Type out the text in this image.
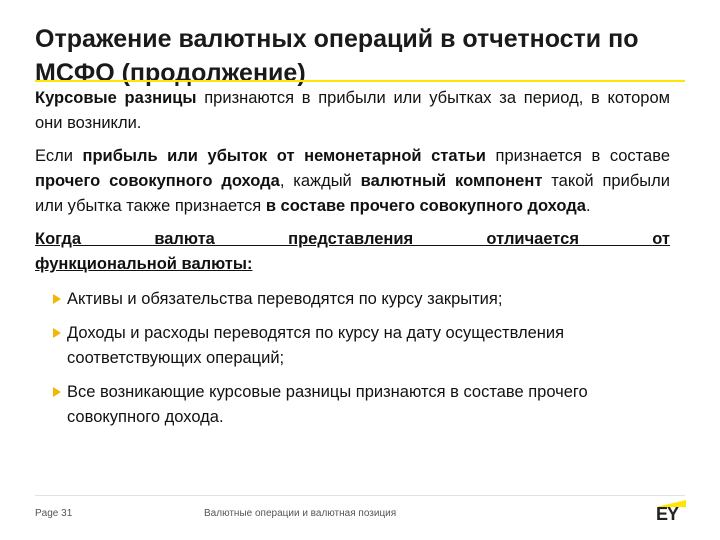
Отражение валютных операций в отчетности по МСФО (продолжение)

Курсовые разницы признаются в прибыли или убытках за период, в котором они возникли.

Если прибыль или убыток от немонетарной статьи признается в составе прочего совокупного дохода, каждый валютный компонент такой прибыли или убытка также признается в составе прочего совокупного дохода.

Когда валюта представления отличается от
функциональной валюты:
Активы и обязательства переводятся по курсу закрытия;
Доходы и расходы переводятся по курсу на дату осуществления соответствующих операций;
Все возникающие курсовые разницы признаются в составе прочего совокупного дохода.
Page 31	Валютные операции и валютная позиция	EY
